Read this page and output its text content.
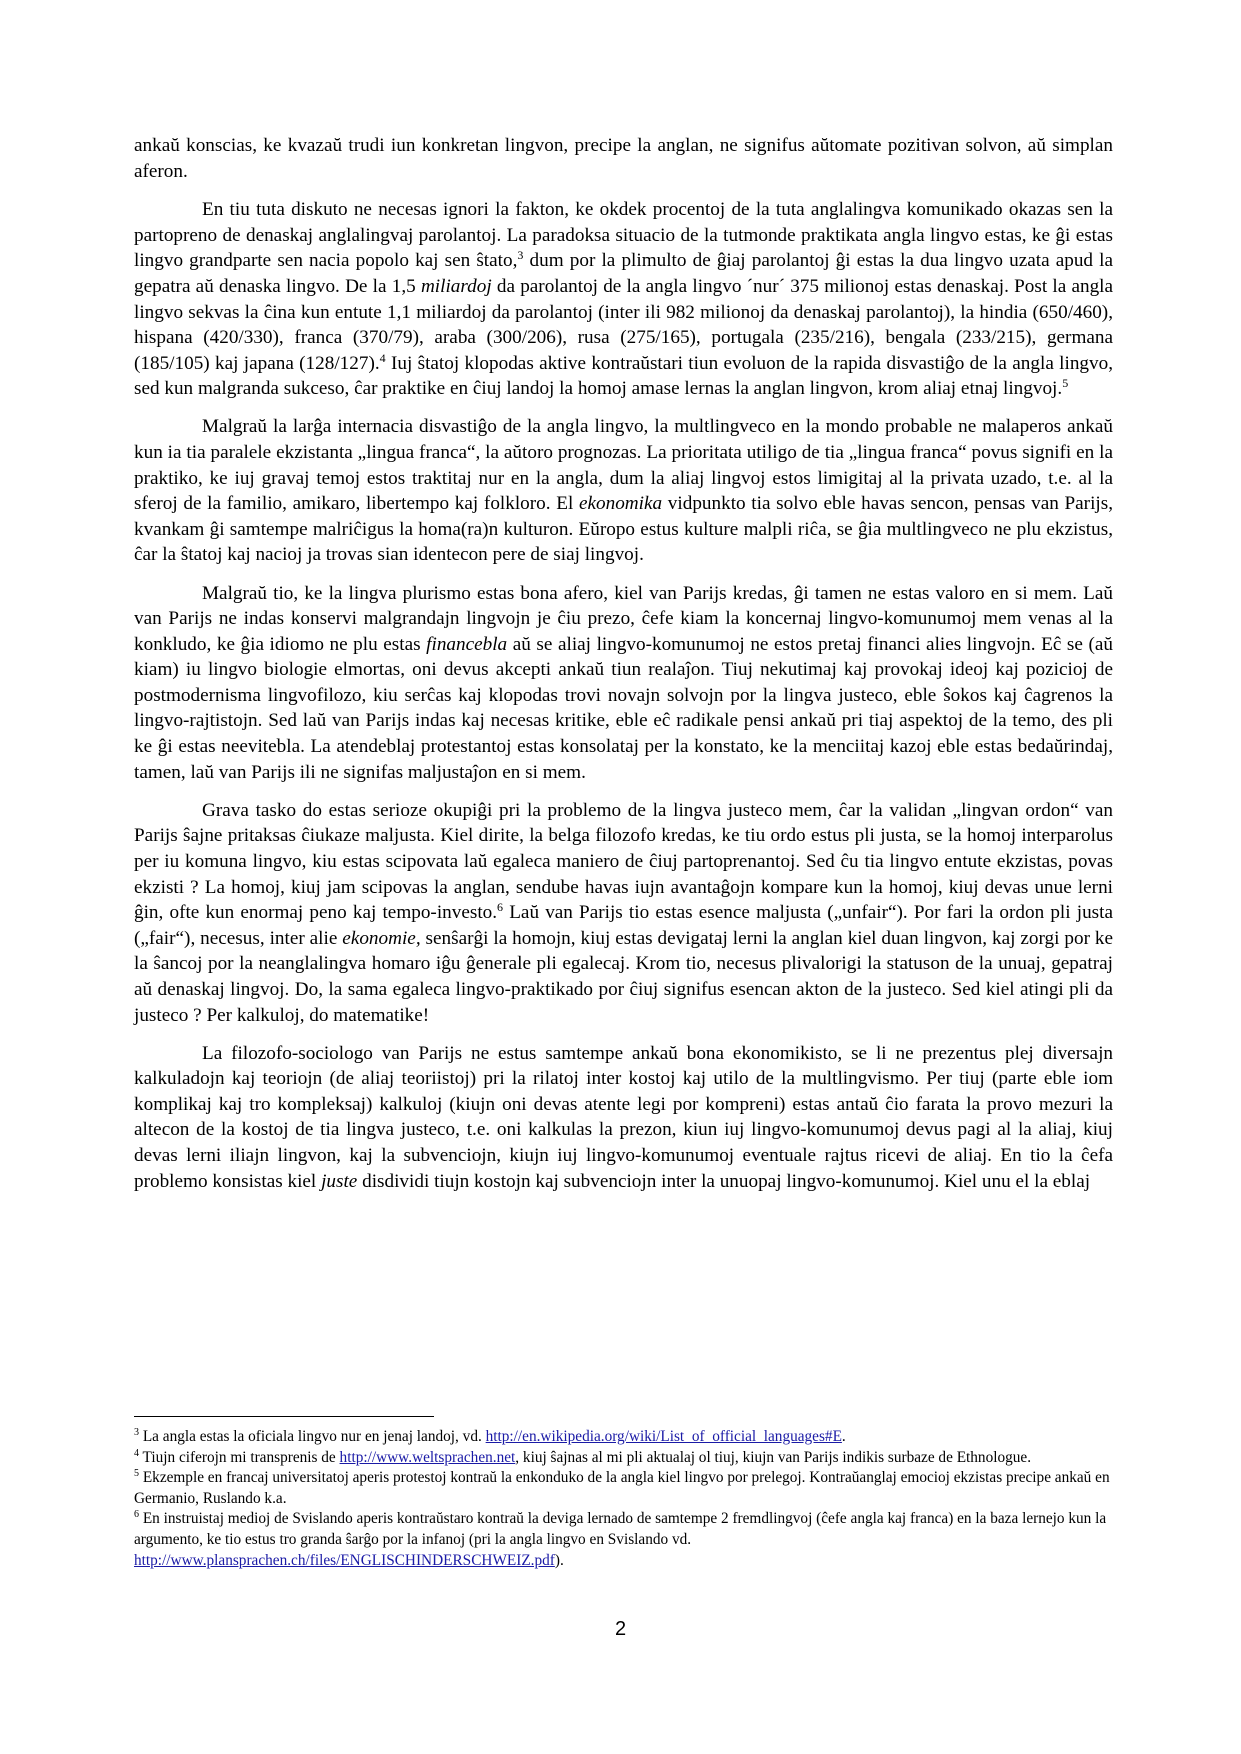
ankaŭ konscias, ke kvazaŭ trudi iun konkretan lingvon, precipe la anglan, ne signifus aŭtomate pozitivan solvon, aŭ simplan aferon.

En tiu tuta diskuto ne necesas ignori la fakton, ke okdek procentoj de la tuta anglalingva komunikado okazas sen la partopreno de denaskaj anglalingvaj parolantoj. La paradoksa situacio de la tutmonde praktikata angla lingvo estas, ke ĝi estas lingvo grandparte sen nacia popolo kaj sen ŝtato,$^3$ dum por la plimulto de ĝiaj parolantoj ĝi estas la dua lingvo uzata apud la gepatra aŭ denaska lingvo. De la 1,5 miliardoj da parolantoj de la angla lingvo ´nur´ 375 milionoj estas denaskaj. Post la angla lingvo sekvas la ĉina kun entute 1,1 miliardoj da parolantoj (inter ili 982 milionoj da denaskaj parolantoj), la hindia (650/460), hispana (420/330), franca (370/79), araba (300/206), rusa (275/165), portugala (235/216), bengala (233/215), germana (185/105) kaj japana (128/127).$^4$ Iuj ŝtatoj klopodas aktive kontraŭstari tiun evoluon de la rapida disvastiĝo de la angla lingvo, sed kun malgranda sukceso, ĉar praktike en ĉiuj landoj la homoj amase lernas la anglan lingvon, krom aliaj etnaj lingvoj.$^5$

Malgraŭ la larĝa internacia disvastiĝo de la angla lingvo, la multlingveco en la mondo probable ne malaperos ankaŭ kun ia tia paralele ekzistanta „lingua franca“, la aŭtoro prognozas. La prioritata utiligo de tia „lingua franca“ povus signifi en la praktiko, ke iuj gravaj temoj estos traktitaj nur en la angla, dum la aliaj lingvoj estos limigitaj al la privata uzado, t.e. al la sferoj de la familio, amikaro, libertempo kaj folkloro. El ekonomika vidpunkto tia solvo eble havas sencon, pensas van Parijs, kvankam ĝi samtempe malriĉigus la homa(ra)n kulturon. Eŭropo estus kulture malpli riĉa, se ĝia multlingveco ne plu ekzistus, ĉar la ŝtatoj kaj nacioj ja trovas sian identecon pere de siaj lingvoj.

Malgraŭ tio, ke la lingva plurismo estas bona afero, kiel van Parijs kredas, ĝi tamen ne estas valoro en si mem. Laŭ van Parijs ne indas konservi malgrandajn lingvojn je ĉiu prezo, ĉefe kiam la koncernaj lingvo-komunumoj mem venas al la konkludo, ke ĝia idiomo ne plu estas financebla aŭ se aliaj lingvo-komunumoj ne estos pretaj financi alies lingvojn. Eĉ se (aŭ kiam) iu lingvo biologie elmortas, oni devus akcepti ankaŭ tiun realaĵon. Tiuj nekutimaj kaj provokaj ideoj kaj pozicioj de postmodernisma lingvofilozo, kiu serĉas kaj klopodas trovi novajn solvojn por la lingva justeco, eble ŝokos kaj ĉagrenos la lingvo-rajtistojn. Sed laŭ van Parijs indas kaj necesas kritike, eble eĉ radikale pensi ankaŭ pri tiaj aspektoj de la temo, des pli ke ĝi estas neevitebla. La atendeblaj protestantoj estas konsolataj per la konstato, ke la menciitaj kazoj eble estas bedaŭrindaj, tamen, laŭ van Parijs ili ne signifas maljustaĵon en si mem.

Grava tasko do estas serioze okupiĝi pri la problemo de la lingva justeco mem, ĉar la validan „lingvan ordon“ van Parijs ŝajne pritaksas ĉiukaze maljusta. Kiel dirite, la belga filozofo kredas, ke tiu ordo estus pli justa, se la homoj interparolus per iu komuna lingvo, kiu estas scipovata laŭ egaleca maniero de ĉiuj partoprenantoj. Sed ĉu tia lingvo entute ekzistas, povas ekzisti ? La homoj, kiuj jam scipovas la anglan, sendube havas iujn avantaĝojn kompare kun la homoj, kiuj devas unue lerni ĝin, ofte kun enormaj peno kaj tempo-investo.$^6$ Laŭ van Parijs tio estas esence maljusta („unfair“). Por fari la ordon pli justa („fair“), necesus, inter alie ekonomie, senŝarĝi la homojn, kiuj estas devigataj lerni la anglan kiel duan lingvon, kaj zorgi por ke la ŝancoj por la neanglalingva homaro iĝu ĝenerale pli egalecaj. Krom tio, necesus plivalorigi la statuson de la unuaj, gepatraj aŭ denaskaj lingvoj. Do, la sama egaleca lingvo-praktikado por ĉiuj signifus esencan akton de la justeco. Sed kiel atingi pli da justeco ? Per kalkuloj, do matematike!

La filozofo-sociologo van Parijs ne estus samtempe ankaŭ bona ekonomikisto, se li ne prezentus plej diversajn kalkuladojn kaj teoriojn (de aliaj teoriistoj) pri la rilatoj inter kostoj kaj utilo de la multlingvismo. Per tiuj (parte eble iom komplikaj kaj tro kompleksaj) kalkuloj (kiujn oni devas atente legi por kompreni) estas antaŭ ĉio farata la provo mezuri la altecon de la kostoj de tia lingva justeco, t.e. oni kalkulas la prezon, kiun iuj lingvo-komunumoj devus pagi al la aliaj, kiuj devas lerni iliajn lingvon, kaj la subvenciojn, kiujn iuj lingvo-komunumoj eventuale rajtus ricevi de aliaj. En tio la ĉefa problemo konsistas kiel juste disdividi tiujn kostojn kaj subvenciojn inter la unuopaj lingvo-komunumoj. Kiel unu el la eblaj

$^3$ La angla estas la oficiala lingvo nur en jenaj landoj, vd. http://en.wikipedia.org/wiki/List_of_official_languages#E.

$^4$ Tiujn ciferojn mi transprenis de http://www.weltsprachen.net, kiuj ŝajnas al mi pli aktualaj ol tiuj, kiujn van Parijs indikis surbaze de Ethnologue.

$^5$ Ekzemple en francaj universitatoj aperis protestoj kontraŭ la enkonduko de la angla kiel lingvo por prelegoj. Kontraŭanglaj emocioj ekzistas precipe ankaŭ en Germanio, Ruslando k.a.

$^6$ En instruistaj medioj de Svislando aperis kontraŭstaro kontraŭ la deviga lernado de samtempe 2 fremdlingvoj (ĉefe angla kaj franca) en la baza lernejo kun la argumento, ke tio estus tro granda ŝarĝo por la infanoj (pri la angla lingvo en Svislando vd. http://www.plansprachen.ch/files/ENGLISCHINDERSCHWEIZ.pdf).

2
